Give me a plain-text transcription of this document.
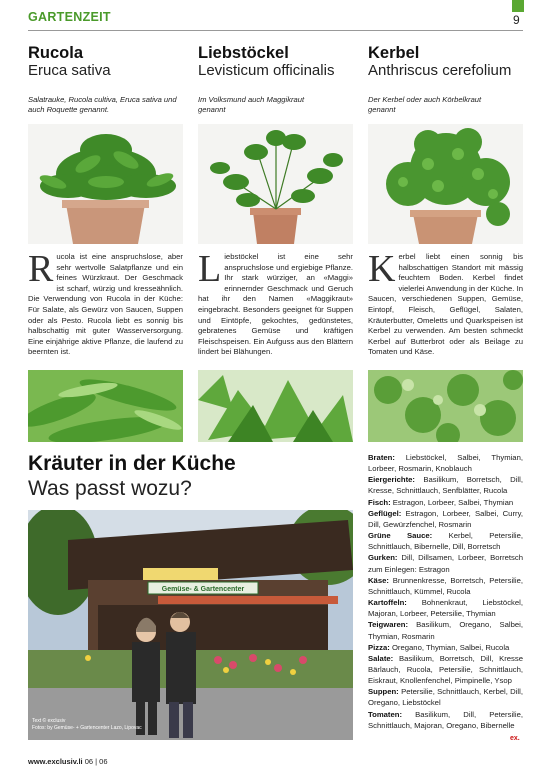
GARTENZEIT	9
Rucola
Eruca sativa
Salatrauke, Rucola cultiva, Eruca sativa und auch Roquette genannt.
Liebstöckel
Levisticum officinalis
Im Volksmund auch Maggikraut genannt
Kerbel
Anthriscus cerefolium
Der Kerbel oder auch Körbelkraut genannt
Rucola ist eine anspruchslose, aber sehr wertvolle Salatpflanze und ein feines Würzkraut. Der Geschmack ist scharf, würzig und kresseähnlich. Die Verwendung von Rucola in der Küche: Für Salate, als Gewürz von Saucen, Suppen oder als Pesto. Rucola liebt es sonnig bis halbschattig mit guter Wasserversorgung. Eine einjährige aktive Pflanze, die laufend zu beernten ist.
Liebstöckel ist eine sehr anspruchslose und ergiebige Pflanze. Ihr stark würziger, an «Maggi» erinnernder Geschmack und Geruch hat ihr den Namen «Maggikraut» eingebracht. Besonders geeignet für Suppen und Eintöpfe, gekochtes, gedünstetes, gebratenes Gemüse und kräftigen Fleischspeisen. Ein Aufguss aus den Blättern lindert bei Blähungen.
Kerbel liebt einen sonnig bis halbschattigen Standort mit mässig feuchtem Boden. Kerbel findet vielerlei Anwendung in der Küche. In Saucen, verschiedenen Suppen, Gemüse, Eintopf, Fleisch, Geflügel, Salaten, Kräuterbutter, Omeletts und Quarkspeisen ist Kerbel zu verwenden. Am besten schmeckt Kerbel auf Butterbrot oder als Beilage zu Tomaten und Käse.
Kräuter in der Küche
Was passt wozu?
Gemüse- & Gartencenter
Text © exclusiv
Fotos: by Gemüse- + Gartencenter Lazo, Lipovac

Braten: Liebstöckel, Salbei, Thymian, Lorbeer, Rosmarin, Knoblauch

Eiergerichte: Basilikum, Borretsch, Dill, Kresse, Schnittlauch, Senfblätter, Rucola

Fisch: Estragon, Lorbeer, Salbei, Thymian

Geflügel: Estragon, Lorbeer, Salbei, Curry, Dill, Gewürzfenchel, Rosmarin

Grüne Sauce: Kerbel, Petersilie, Schnittlauch, Bibernelle, Dill, Borretsch

Gurken: Dill, Dillsamen, Lorbeer, Borretsch zum Einlegen: Estragon

Käse: Brunnenkresse, Borretsch, Petersilie, Schnittlauch, Kümmel, Rucola

Kartoffeln: Bohnenkraut, Liebstöckel, Majoran, Lorbeer, Petersilie, Thymian

Teigwaren: Basilikum, Oregano, Salbei, Thymian, Rosmarin

Pizza: Oregano, Thymian, Salbei, Rucola

Salate: Basilikum, Borretsch, Dill, Kresse Bärlauch, Rucola, Petersilie, Schnittlauch, Eiskraut, Knollenfenchel, Pimpinelle, Ysop

Suppen: Petersilie, Schnittlauch, Kerbel, Dill, Oregano, Liebstöckel

Tomaten: Basilikum, Dill, Petersilie, Schnittlauch, Majoran, Oregano, Bibernelle

ex.
www.exclusiv.li 06 | 06
